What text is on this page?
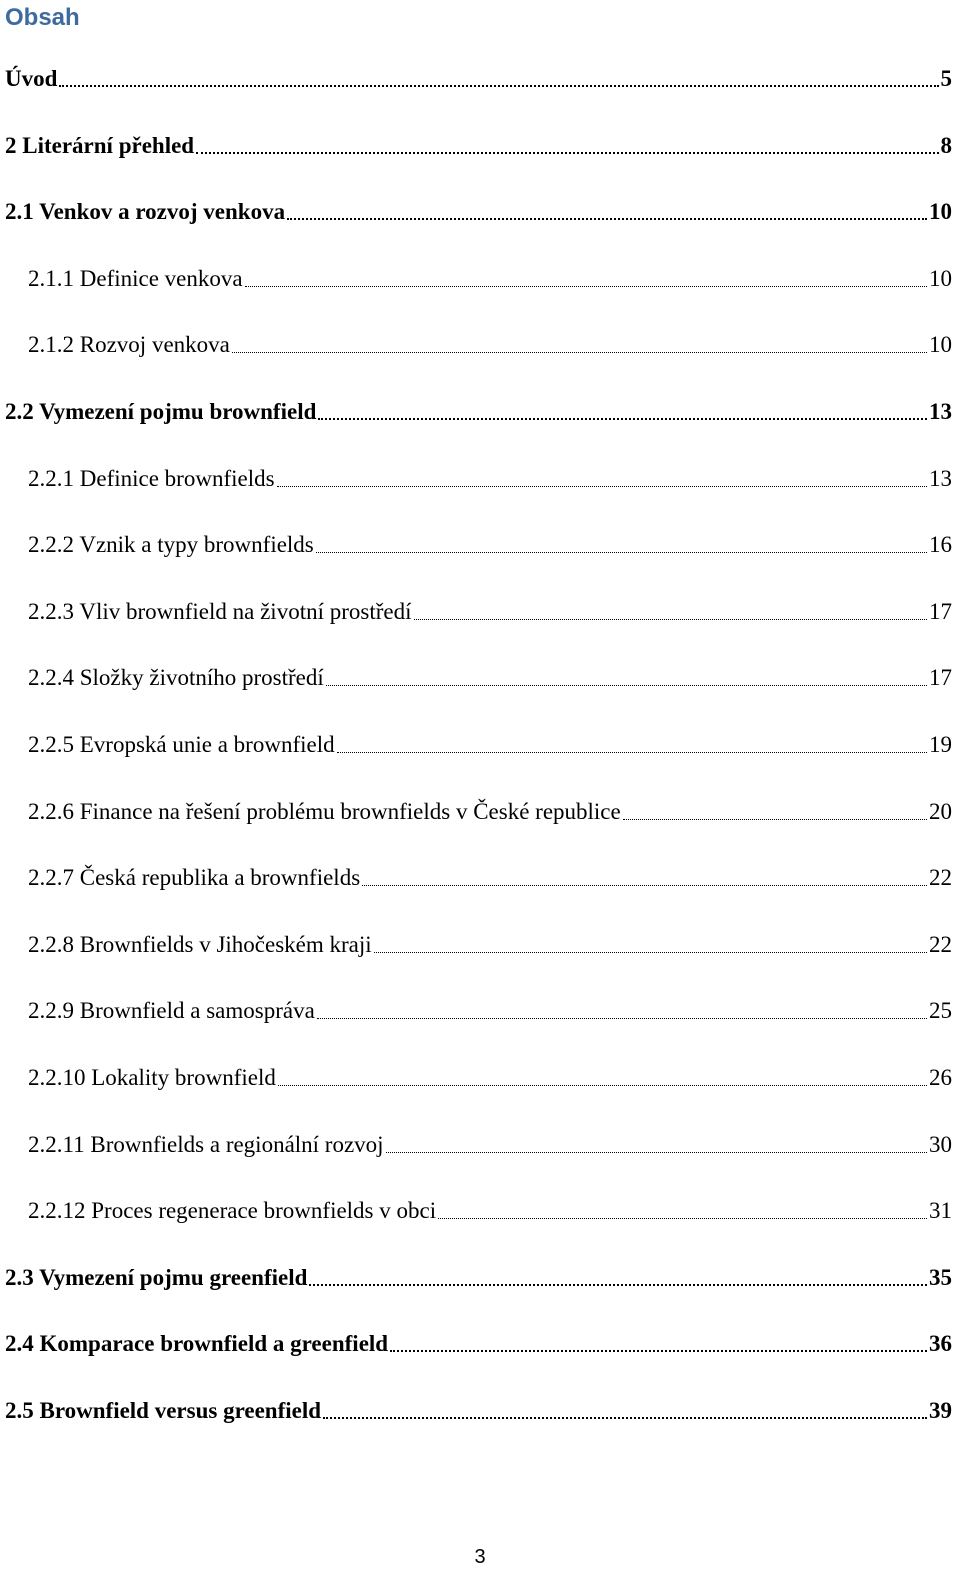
Obsah
Úvod	5
2 Literární přehled	8
2.1 Venkov a rozvoj venkova	10
2.1.1 Definice venkova	10
2.1.2 Rozvoj venkova	10
2.2 Vymezení pojmu brownfield	13
2.2.1 Definice brownfields	13
2.2.2 Vznik a typy brownfields	16
2.2.3 Vliv brownfield na životní prostředí	17
2.2.4 Složky životního prostředí	17
2.2.5 Evropská unie a brownfield	19
2.2.6 Finance na řešení problému brownfields v České republice	20
2.2.7 Česká republika a brownfields	22
2.2.8 Brownfields v Jihočeském kraji	22
2.2.9 Brownfield a samospráva	25
2.2.10 Lokality brownfield	26
2.2.11 Brownfields a regionální rozvoj	30
2.2.12 Proces regenerace brownfields v obci	31
2.3 Vymezení pojmu greenfield	35
2.4 Komparace brownfield a greenfield	36
2.5 Brownfield versus greenfield	39
3
